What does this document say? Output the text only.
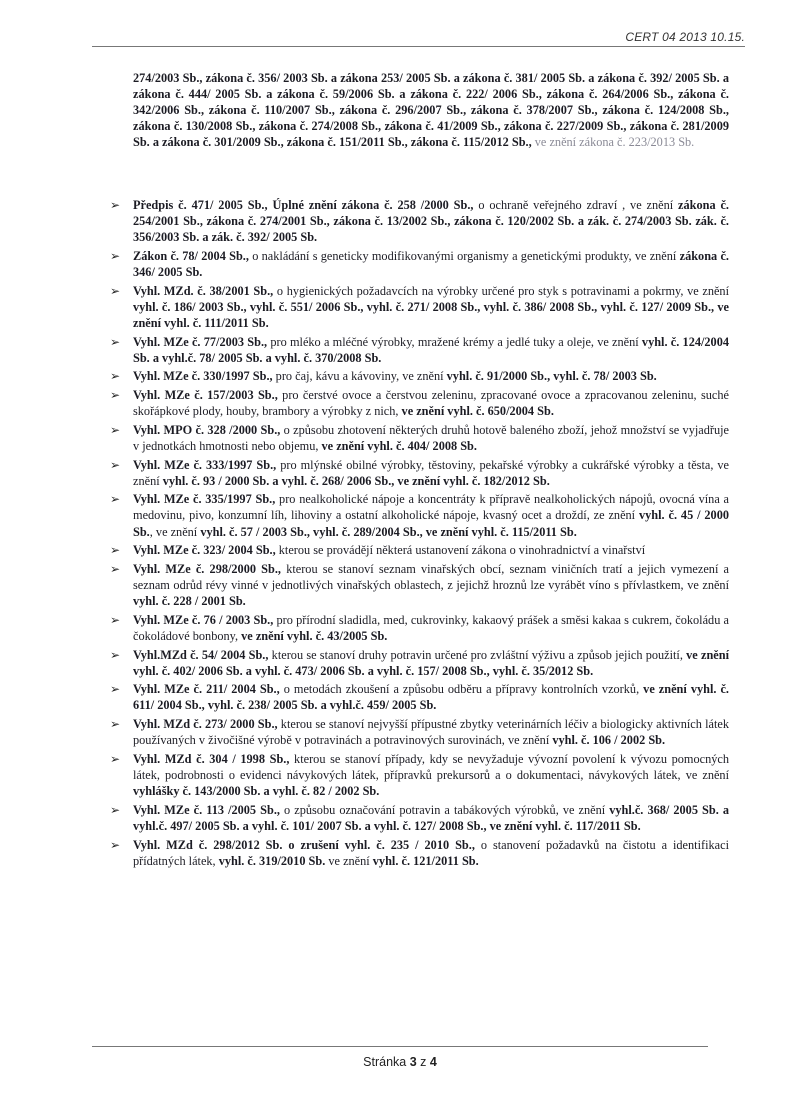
CERT 04 2013 10.15.
274/2003 Sb., zákona č. 356/ 2003 Sb. a zákona 253/ 2005 Sb. a zákona č. 381/ 2005 Sb. a zákona č. 392/ 2005 Sb. a zákona č. 444/ 2005 Sb. a zákona č. 59/2006 Sb. a zákona č. 222/ 2006 Sb., zákona č. 264/2006 Sb., zákona č. 342/2006 Sb., zákona č. 110/2007 Sb., zákona č. 296/2007 Sb., zákona č. 378/2007 Sb., zákona č. 124/2008 Sb., zákona č. 130/2008 Sb., zákona č. 274/2008 Sb., zákona č. 41/2009 Sb., zákona č. 227/2009 Sb., zákona č. 281/2009 Sb. a zákona č. 301/2009 Sb., zákona č. 151/2011 Sb., zákona č. 115/2012 Sb., ve znění zákona č. 223/2013 Sb.
➢ Předpis č. 471/ 2005 Sb., Úplné znění zákona č. 258 /2000 Sb., o ochraně veřejného zdraví , ve znění zákona č. 254/2001 Sb., zákona č. 274/2001 Sb., zákona č. 13/2002 Sb., zákona č. 120/2002 Sb. a zák. č. 274/2003 Sb. zák. č. 356/2003 Sb. a zák. č. 392/ 2005 Sb.
➢ Zákon č. 78/ 2004 Sb., o nakládání s geneticky modifikovanými organismy a genetickými produkty, ve znění zákona č. 346/ 2005 Sb.
➢ Vyhl. MZd. č. 38/2001 Sb., o hygienických požadavcích na výrobky určené pro styk s potravinami a pokrmy, ve znění vyhl. č. 186/ 2003 Sb., vyhl. č. 551/ 2006 Sb., vyhl. č. 271/ 2008 Sb., vyhl. č. 386/ 2008 Sb., vyhl. č. 127/ 2009 Sb., ve znění vyhl. č. 111/2011 Sb.
➢ Vyhl. MZe č. 77/2003 Sb., pro mléko a mléčné výrobky, mražené krémy a jedlé tuky a oleje, ve znění vyhl. č. 124/2004 Sb. a vyhl.č. 78/ 2005 Sb. a vyhl. č. 370/2008 Sb.
➢ Vyhl. MZe č. 330/1997 Sb., pro čaj, kávu a kávoviny, ve znění vyhl. č. 91/2000 Sb., vyhl. č. 78/ 2003 Sb.
➢ Vyhl. MZe č. 157/2003 Sb., pro čerstvé ovoce a čerstvou zeleninu, zpracované ovoce a zpracovanou zeleninu, suché skořápkové plody, houby, brambory a výrobky z nich, ve znění vyhl. č. 650/2004 Sb.
➢ Vyhl. MPO č. 328 /2000 Sb., o způsobu zhotovení některých druhů hotově baleného zboží, jehož množství se vyjadřuje v jednotkách hmotnosti nebo objemu, ve znění vyhl. č. 404/ 2008 Sb.
➢ Vyhl. MZe č. 333/1997 Sb., pro mlýnské obilné výrobky, těstoviny, pekařské výrobky a cukrářské výrobky a těsta, ve znění vyhl. č. 93 / 2000 Sb. a vyhl. č. 268/ 2006 Sb., ve znění vyhl. č. 182/2012 Sb.
➢ Vyhl. MZe č. 335/1997 Sb., pro nealkoholické nápoje a koncentráty k přípravě nealkoholických nápojů, ovocná vína a medovinu, pivo, konzumní líh, lihoviny a ostatní alkoholické nápoje, kvasný ocet a droždí, ze znění vyhl. č. 45 / 2000 Sb., ve znění vyhl. č. 57 / 2003 Sb., vyhl. č. 289/2004 Sb., ve znění vyhl. č. 115/2011 Sb.
➢ Vyhl. MZe č. 323/ 2004 Sb., kterou se provádějí některá ustanovení zákona o vinohradnictví a vinařství
➢ Vyhl. MZe č. 298/2000 Sb., kterou se stanoví seznam vinařských obcí, seznam viničních tratí a jejich vymezení a seznam odrůd révy vinné v jednotlivých vinařských oblastech, z jejichž hroznů lze vyrábět víno s přívlastkem, ve znění vyhl. č. 228 / 2001 Sb.
➢ Vyhl. MZe č. 76 / 2003 Sb., pro přírodní sladidla, med, cukrovinky, kakaový prášek a směsi kakaa s cukrem, čokoládu a čokoládové bonbony, ve znění vyhl. č. 43/2005 Sb.
➢ Vyhl.MZd č. 54/ 2004 Sb., kterou se stanoví druhy potravin určené pro zvláštní výživu a způsob jejich použití, ve znění vyhl. č. 402/ 2006 Sb. a vyhl. č. 473/ 2006 Sb. a vyhl. č. 157/ 2008 Sb., vyhl. č. 35/2012 Sb.
➢ Vyhl. MZe č. 211/ 2004 Sb., o metodách zkoušení a způsobu odběru a přípravy kontrolních vzorků, ve znění vyhl. č. 611/ 2004 Sb., vyhl. č. 238/ 2005 Sb. a vyhl.č. 459/ 2005 Sb.
➢ Vyhl. MZd č. 273/ 2000 Sb., kterou se stanoví nejvyšší přípustné zbytky veterinárních léčiv a biologicky aktivních látek používaných v živočišné výrobě v potravinách a potravinových surovinách, ve znění vyhl. č. 106 / 2002 Sb.
➢ Vyhl. MZd č. 304 / 1998 Sb., kterou se stanoví případy, kdy se nevyžaduje vývozní povolení k vývozu pomocných látek, podrobnosti o evidenci návykových látek, přípravků prekursorů a o dokumentaci, návykových látek, ve znění vyhlášky č. 143/2000 Sb. a vyhl. č. 82 / 2002 Sb.
➢ Vyhl. MZe č. 113 /2005 Sb., o způsobu označování potravin a tabákových výrobků, ve znění vyhl.č. 368/ 2005 Sb. a vyhl.č. 497/ 2005 Sb. a vyhl. č. 101/ 2007 Sb. a vyhl. č. 127/ 2008 Sb., ve znění vyhl. č. 117/2011 Sb.
➢ Vyhl. MZd č. 298/2012 Sb. o zrušení vyhl. č. 235 / 2010 Sb., o stanovení požadavků na čistotu a identifikaci přídatných látek, vyhl. č. 319/2010 Sb. ve znění vyhl. č. 121/2011 Sb.
Stránka 3 z 4
